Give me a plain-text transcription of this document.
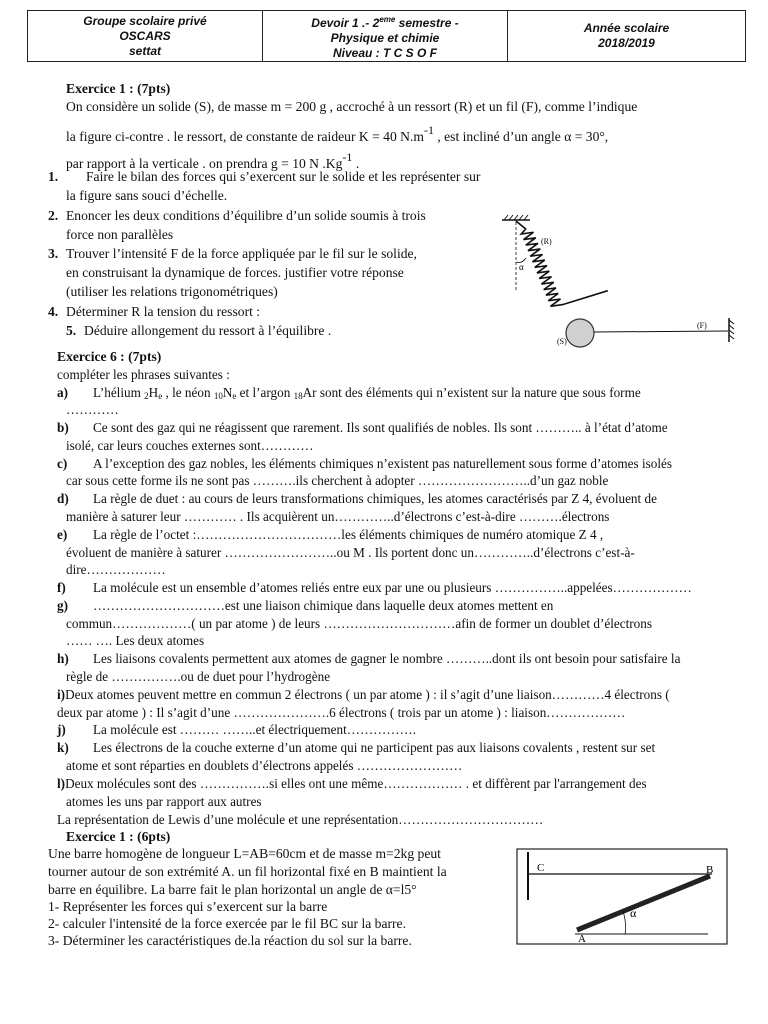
Groupe scolaire privé
OSCARS
settat

Devoir 1 .- 2eme semestre -
Physique et chimie
Niveau : T C S O F

Année scolaire
2018/2019
Exercice 1 : (7pts)
On considère un solide (S), de masse m = 200 g , accroché à un ressort (R) et un fil (F), comme l’indique
la figure ci-contre . le ressort, de constante de raideur K = 40 N.m-1 , est incliné d’un angle α = 30°,
par rapport à la verticale . on prendra g = 10 N .Kg-1 .
1. Faire le bilan des forces qui s’exercent sur le solide et les représenter sur
la figure sans souci d’échelle.
2. Enoncer les deux conditions d’équilibre d’un solide soumis à trois
force non parallèles
3. Trouver l’intensité F de la force appliquée par le fil sur le solide,
en construisant la dynamique de forces. justifier votre réponse
(utiliser les relations trigonométriques)
4. Déterminer R la tension du ressort :
5. Déduire allongement du ressort à l’équilibre .
(R)
α
(S)
(F)
Exercice 6 : (7pts)
compléter les phrases suivantes :
a) L’hélium $_2H_e$ , le néon $_{10}N_e$ et l’argon $_{18}$Ar sont des éléments qui n’existent sur la nature que sous forme
…………
b) Ce sont des gaz qui ne réagissent que rarement. Ils sont qualifiés de nobles. Ils sont ……….. à l’état d’atome
isolé, car leurs couches externes sont…………
c) A l’exception des gaz nobles, les éléments chimiques n’existent pas naturellement sous forme d’atomes isolés
car sous cette forme ils ne sont pas ……….ils cherchent à adopter ……………………..d’un gaz noble
d) La règle de duet : au cours de leurs transformations chimiques, les atomes caractérisés par Z 4, évoluent de
manière à saturer leur ………… . Ils acquièrent un…………..d’électrons c’est-à-dire ……….électrons
e) La règle de l’octet :……………………………les éléments chimiques de numéro atomique Z 4 ,
évoluent de manière à saturer ……………………..ou M . Ils portent donc un…………..d’électrons c’est-à-
dire………………
f) La molécule est un ensemble d’atomes reliés entre eux par une ou plusieurs ……………..appelées………………
g) …………………………est une liaison chimique dans laquelle deux atomes mettent en
commun………………( un par atome ) de leurs …………………………afin de former un doublet d’électrons
…… …. Les deux atomes
h) Les liaisons covalents permettent aux atomes de gagner le nombre ………..dont ils ont besoin pour satisfaire la
règle de …………….ou de duet pour l’hydrogène
i)Deux atomes peuvent mettre en commun 2 électrons ( un par atome ) : il s’agit d’une liaison…………4 électrons (
deux par atome ) : Il s’agit d’une ………………….6 électrons ( trois par un atome ) : liaison………………
j) La molécule est ……… ……..et électriquement…………….
k) Les électrons de la couche externe d’un atome qui ne participent pas aux liaisons covalents , restent sur set
atome et sont réparties en doublets d’électrons appelés ……………………
l)Deux molécules sont des …………….si elles ont une même……………… . et diffèrent par l'arrangement des
atomes les uns par rapport aux autres
La représentation de Lewis d’une molécule et une représentation……………………………
Exercice 1 : (6pts)
Une barre homogène de longueur L=AB=60cm et de masse m=2kg peut
tourner autour de son extrémité A. un fil horizontal fixé en B maintient la
barre en équilibre. La barre fait le plan horizontal un angle de α=l5°
1- Représenter les forces qui s’exercent sur la barre
2- calculer l'intensité de la force exercée par le fil BC sur la barre.
3- Déterminer les caractéristiques de.la réaction du sol sur la barre.
C	B
A
α
